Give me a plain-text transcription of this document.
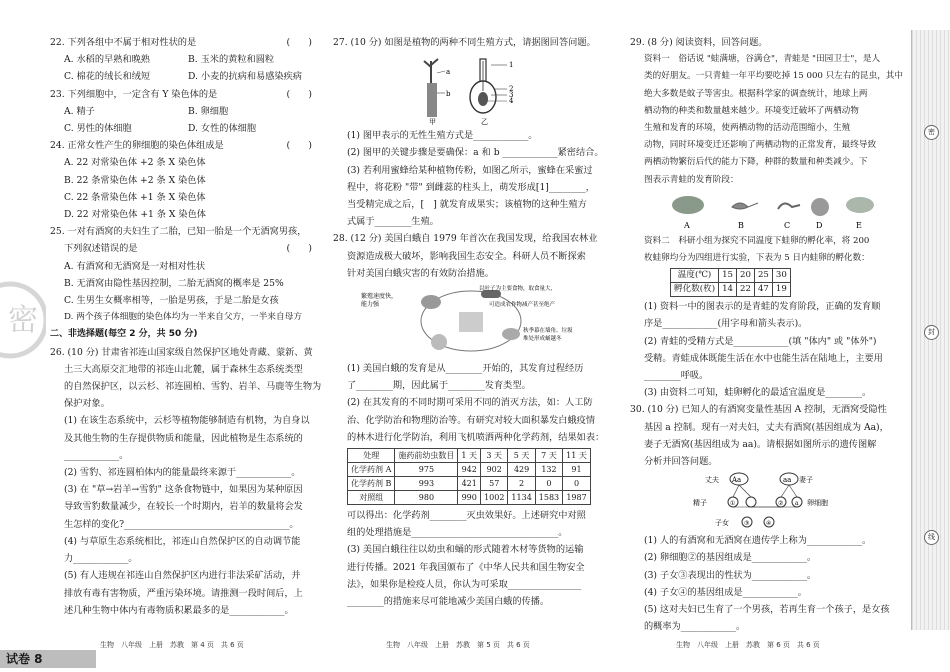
密

22. 下列各组中不属于相对性状的是	(　　)

A. 水稻的早熟和晚熟	B. 玉米的黄粒和圆粒
C. 棉花的绒长和绒短	D. 小麦的抗病和易感染疾病

23. 下列细胞中，一定含有 Y 染色体的是	(　　)

A. 精子	B. 卵细胞
C. 男性的体细胞	D. 女性的体细胞

24. 正常女性产生的卵细胞的染色体组成是	(　　)

A. 22 对常染色体 +2 条 X 染色体

B. 22 条常染色体 +2 条 X 染色体

C. 22 条常染色体 +1 条 X 染色体

D. 22 对常染色体 +1 条 X 染色体

25. 一对有酒窝的夫妇生了二胎，已知一胎是一个无酒窝男孩，

下列叙述错误的是	(　　)

A. 有酒窝和无酒窝是一对相对性状

B. 无酒窝由隐性基因控制，二胎无酒窝的概率是 25%

C. 生男生女概率相等，一胎是男孩，于是二胎是女孩

D. 两个孩子体细胞的染色体均为一半来自父方，一半来自母方

二、非选择题(每空 2 分，共 50 分)

26. (10 分) 甘肃省祁连山国家级自然保护区地处青藏、蒙新、黄

土三大高原交汇地带的祁连山北麓，属于森林生态系统类型

的自然保护区，以云杉、祁连圆柏、雪豹、岩羊、马鹿等生物为

保护对象。

(1) 在该生态系统中，云杉等植物能够制造有机物，为自身以

及其他生物的生存提供物质和能量，因此植物是生态系统的

____________。

(2) 雪豹、祁连圆柏体内的能量最终来源于____________。

(3) 在 "草→岩羊→雪豹" 这条食物链中，如果因为某种原因

导致雪豹数量减少，在较长一个时期内，岩羊的数量将会发

生怎样的变化?____________________________________。

(4) 与草原生态系统相比，祁连山自然保护区的自动调节能

力____________。

(5) 有人违规在祁连山自然保护区内进行非法采矿活动，并

排放有毒有害物质，严重污染环境。请推测一段时间后，上

述几种生物中体内有毒物质积累最多的是____________。

生物　八年级　上册　苏教　第 4 页　共 6 页

27. (10 分) 如图是植物的两种不同生殖方式，请据图回答问题。

a
b
甲
1
2
3
4
乙

(1) 图甲表示的无性生殖方式是____________。

(2) 图甲的关键步骤是要确保：a 和 b ____________紧密结合。

(3) 若利用蜜蜂给某种植物传粉，如图乙所示，蜜蜂在采蜜过

程中，将花粉 "带" 到雌蕊的柱头上，萌发形成[1]________，

当受精完成之后，[　] 就发育成果实；该植物的这种生殖方

式属于________生殖。

28. (12 分) 美国白蛾自 1979 年首次在我国发现，给我国农林业

资源造成极大破坏，影响我国生态安全。科研人员不断探索

针对美国白蛾灾害的有效防治措施。

繁殖速度快，
能力强
以叶子为主要食物，取食量大，
可造成农作物减产甚至绝产
秋季幕在墙角、垃圾
堆处形成蛹越冬

(1) 美国白蛾的发育是从________开始的，其发育过程经历

了________期，因此属于________发育类型。

(2) 在其发育的不同时期可采用不同的消灭方法，如：人工防

治、化学防治和物理防治等。有研究对较大面积暴发白蛾疫情

的林木进行化学防治，利用飞机喷洒两种化学药剂，结果如表：

处理	施药前幼虫数目	1 天	3 天	5 天	7 天	11 天
化学药剂 A	975	942	902	429	132	91
化学药剂 B	993	421	57	2	0	0
对照组	980	990	1002	1134	1583	1987

可以得出：化学药剂________灭虫效果好。上述研究中对照

组的处理措施是________________________________。

(3) 美国白蛾往往以幼虫和蛹的形式随着木材等货物的运输

进行传播。2021 年我国颁布了《中华人民共和国生物安全

法》，如果你是检疫人员，你认为可采取________________

________的措施来尽可能地减少美国白蛾的传播。

生物　八年级　上册　苏教　第 5 页　共 6 页

29. (8 分) 阅读资料，回答问题。

资料一　俗话说 "蛙满塘，谷满仓"，青蛙是 "田园卫士"，是人

类的好朋友。一只青蛙一年平均要吃掉 15 000 只左右的昆虫，其中

绝大多数是蚊子等害虫。根据科学家的调查统计，地球上两

栖动物的种类和数量越来越少。环境变迁破坏了两栖动物

生殖和发育的环境，使两栖动物的活动范围缩小，生殖

动物，同时环境变迁还影响了两栖动物的正常发育，最终导致

两栖动物繁衍后代的能力下降，种群的数量和种类减少。下

图表示青蛙的发育阶段：

A	B	C	D	E

资料二　科研小组为探究不同温度下蛙卵的孵化率，将 200

枚蛙卵均分为四组进行实验，下表为 5 日内蛙卵的孵化数：

温度(℃)	15	20	25	30
孵化数(枚)	14	22	47	19

(1) 资料一中的图表示的是青蛙的发育阶段，正确的发育顺

序是____________(用字母和箭头表示)。

(2) 青蛙的受精方式是____________(填 "体内" 或 "体外")

受精。青蛙成体既能生活在水中也能生活在陆地上，主要用

________呼吸。

(3) 由资料二可知，蛙卵孵化的最适宜温度是________。

30. (10 分) 已知人的有酒窝变量性基因 A 控制，无酒窝受隐性

基因 a 控制。现有一对夫妇，丈夫有酒窝(基因组成为 Aa)，

妻子无酒窝(基因组成为 aa)。请根据如图所示的遗传图解

分析并回答问题。

丈夫 Aa	妻子
aa
精子	①	② a 卵细胞
子女	③	④

(1) 人的有酒窝和无酒窝在遗传学上称为____________。

(2) 卵细胞②的基因组成是____________。

(3) 子女③表现出的性状为____________。

(4) 子女④的基因组成是____________。

(5) 这对夫妇已生育了一个男孩，若再生育一个孩子，是女孩

的概率为____________。

生物　八年级　上册　苏教　第 6 页　共 6 页
密
封
线
试卷 8
